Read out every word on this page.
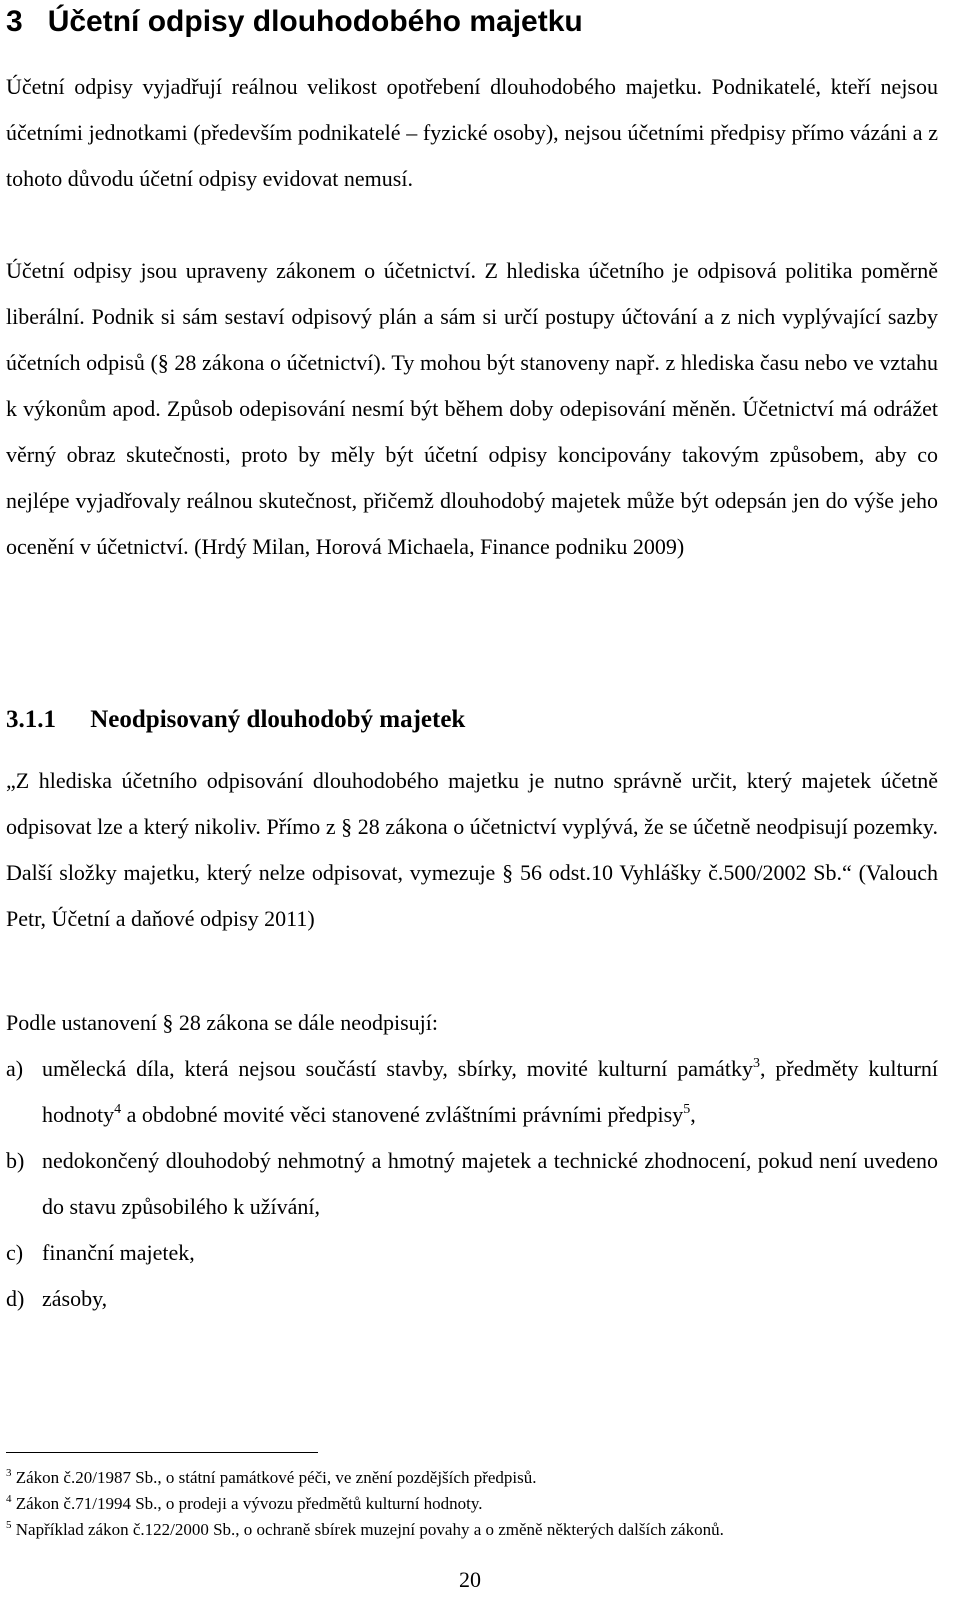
3 Účetní odpisy dlouhodobého majetku

Účetní odpisy vyjadřují reálnou velikost opotřebení dlouhodobého majetku. Podnikatelé, kteří nejsou účetními jednotkami (především podnikatelé – fyzické osoby), nejsou účetními předpisy přímo vázáni a z tohoto důvodu účetní odpisy evidovat nemusí.

Účetní odpisy jsou upraveny zákonem o účetnictví. Z hlediska účetního je odpisová politika poměrně liberální. Podnik si sám sestaví odpisový plán a sám si určí postupy účtování a z nich vyplývající sazby účetních odpisů (§ 28 zákona o účetnictví). Ty mohou být stanoveny např. z hlediska času nebo ve vztahu k výkonům apod. Způsob odepisování nesmí být během doby odepisování měněn. Účetnictví má odrážet věrný obraz skutečnosti, proto by měly být účetní odpisy koncipovány takovým způsobem, aby co nejlépe vyjadřovaly reálnou skutečnost, přičemž dlouhodobý majetek může být odepsán jen do výše jeho ocenění v účetnictví. (Hrdý Milan, Horová Michaela, Finance podniku 2009)

3.1.1 Neodpisovaný dlouhodobý majetek

„Z hlediska účetního odpisování dlouhodobého majetku je nutno správně určit, který majetek účetně odpisovat lze a který nikoliv. Přímo z § 28 zákona o účetnictví vyplývá, že se účetně neodpisují pozemky. Další složky majetku, který nelze odpisovat, vymezuje § 56 odst.10 Vyhlášky č.500/2002 Sb.“ (Valouch Petr, Účetní a daňové odpisy 2011)

Podle ustanovení § 28 zákona se dále neodpisují:

a) umělecká díla, která nejsou součástí stavby, sbírky, movité kulturní památky$^3$, předměty kulturní hodnoty$^4$ a obdobné movité věci stanovené zvláštními právními předpisy$^5$,
b) nedokončený dlouhodobý nehmotný a hmotný majetek a technické zhodnocení, pokud není uvedeno do stavu způsobilého k užívání,
c) finanční majetek,
d) zásoby,
$^3$ Zákon č.20/1987 Sb., o státní památkové péči, ve znění pozdějších předpisů.
$^4$ Zákon č.71/1994 Sb., o prodeji a vývozu předmětů kulturní hodnoty.
$^5$ Například zákon č.122/2000 Sb., o ochraně sbírek muzejní povahy a o změně některých dalších zákonů.
20
